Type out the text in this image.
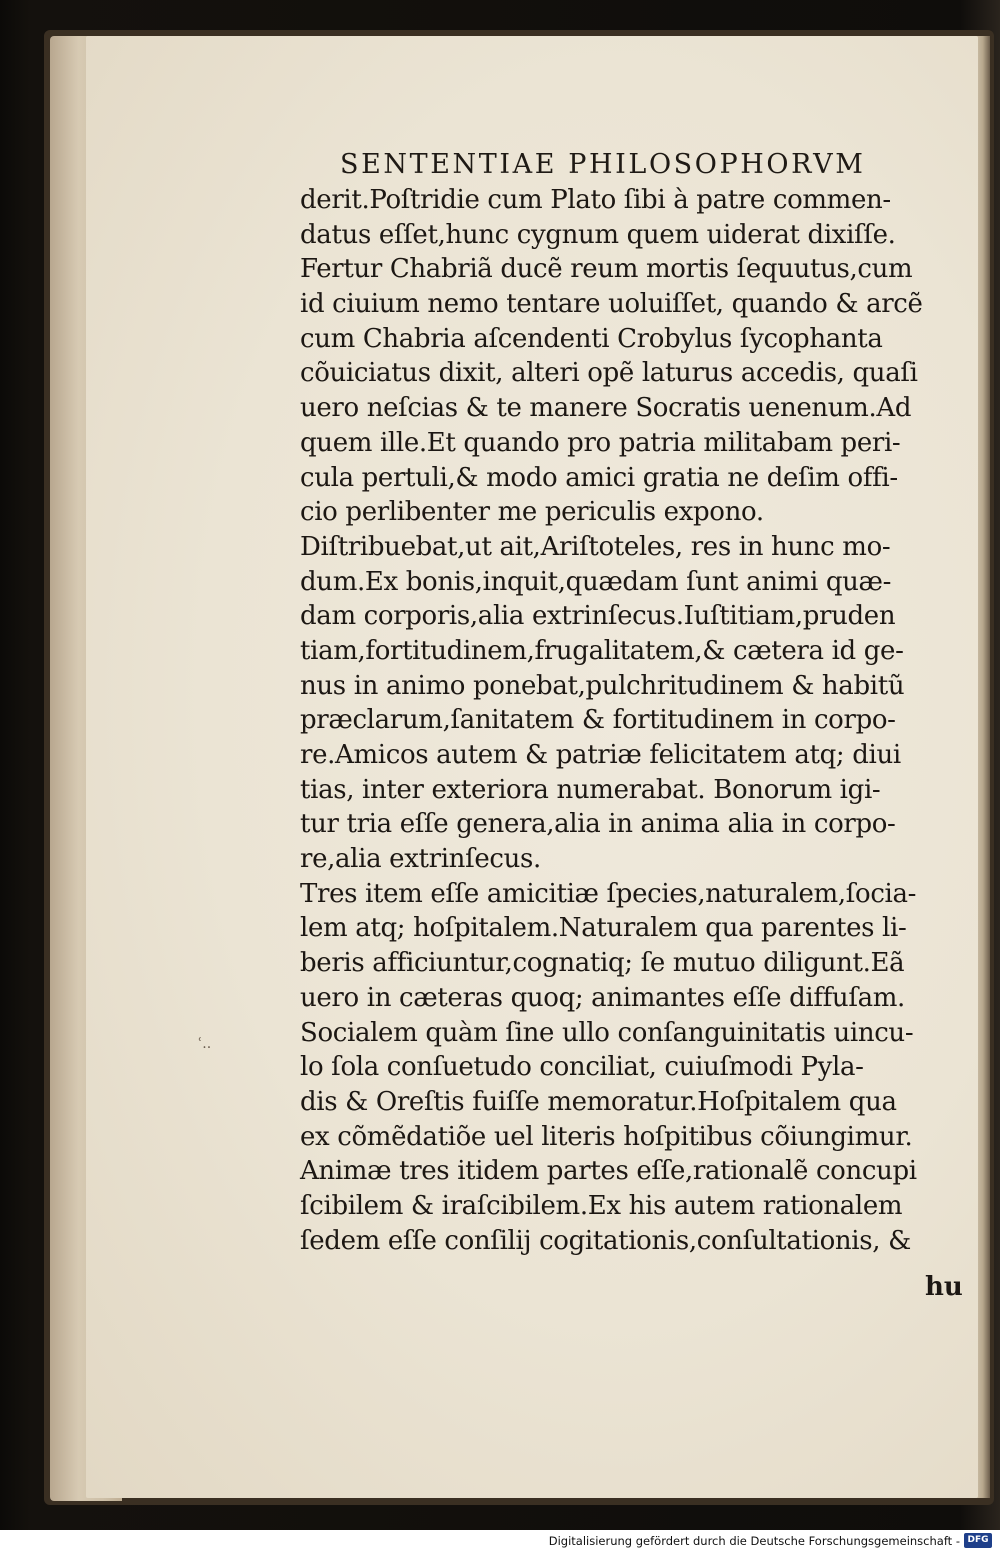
SENTENTIAE PHILOSOPHORVM
derit.Poſtridie cum Plato ſibi à patre commen-
datus eſſet,hunc cygnum quem uiderat dixiſſe.
Fertur Chabriã ducẽ reum mortis ſequutus,cum
id ciuium nemo tentare uoluiſſet, quando & arcẽ
cum Chabria aſcendenti Crobylus ſycophanta
cõuiciatus dixit, alteri opẽ laturus accedis, quaſi
uero neſcias & te manere Socratis uenenum.Ad
quem ille.Et quando pro patria militabam peri-
cula pertuli,& modo amici gratia ne deſim offi-
cio perlibenter me periculis expono.
Diſtribuebat,ut ait,Ariſtoteles, res in hunc mo-
dum.Ex bonis,inquit,quædam ſunt animi quæ-
dam corporis,alia extrinſecus.Iuſtitiam,pruden
tiam,fortitudinem,frugalitatem,& cætera id ge-
nus in animo ponebat,pulchritudinem & habitũ
præclarum,ſanitatem & fortitudinem in corpo-
re.Amicos autem & patriæ felicitatem atq; diui
tias, inter exteriora numerabat. Bonorum igi-
tur tria eſſe genera,alia in anima alia in corpo-
re,alia extrinſecus.
Tres item eſſe amicitiæ ſpecies,naturalem,ſocia-
lem atq; hoſpitalem.Naturalem qua parentes li-
beris afficiuntur,cognatiq; ſe mutuo diligunt.Eã
uero in cæteras quoq; animantes eſſe diffuſam.
Socialem quàm ſine ullo conſanguinitatis uincu-
lo ſola conſuetudo conciliat, cuiuſmodi Pyla-
dis & Oreſtis fuiſſe memoratur.Hoſpitalem qua
ex cõmẽdatiõe uel literis hoſpitibus cõiungimur.
Animæ tres itidem partes eſſe,rationalẽ concupi
ſcibilem & iraſcibilem.Ex his autem rationalem
ſedem eſſe conſilij cogitationis,conſultationis, &
hu
ʿ..
Digitalisierung gefördert durch die Deutsche Forschungsgemeinschaft - DFG
